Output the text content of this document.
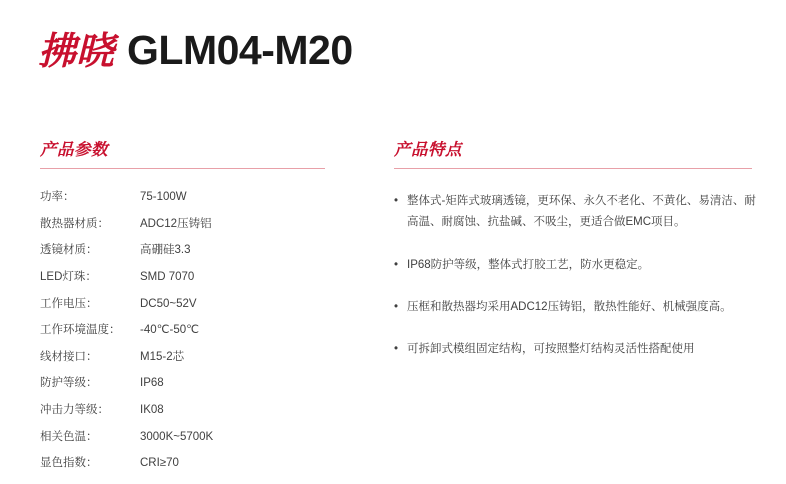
拂晓 GLM04-M20
产品参数
功率：	75-100W
散热器材质：	ADC12压铸铝
透镜材质：	高硼硅3.3
LED灯珠：	SMD 7070
工作电压：	DC50~52V
工作环境温度：	-40℃-50℃
线材接口：	M15-2芯
防护等级：	IP68
冲击力等级：	IK08
相关色温：	3000K~5700K
显色指数：	CRI≥70
产品特点
• 整体式-矩阵式玻璃透镜，更环保、永久不老化、不黄化、易清洁、耐高温、耐腐蚀、抗盐碱、不吸尘，更适合做EMC项目。
• IP68防护等级，整体式打胶工艺，防水更稳定。
• 压框和散热器均采用ADC12压铸铝，散热性能好、机械强度高。
• 可拆卸式模组固定结构，可按照整灯结构灵活性搭配使用
